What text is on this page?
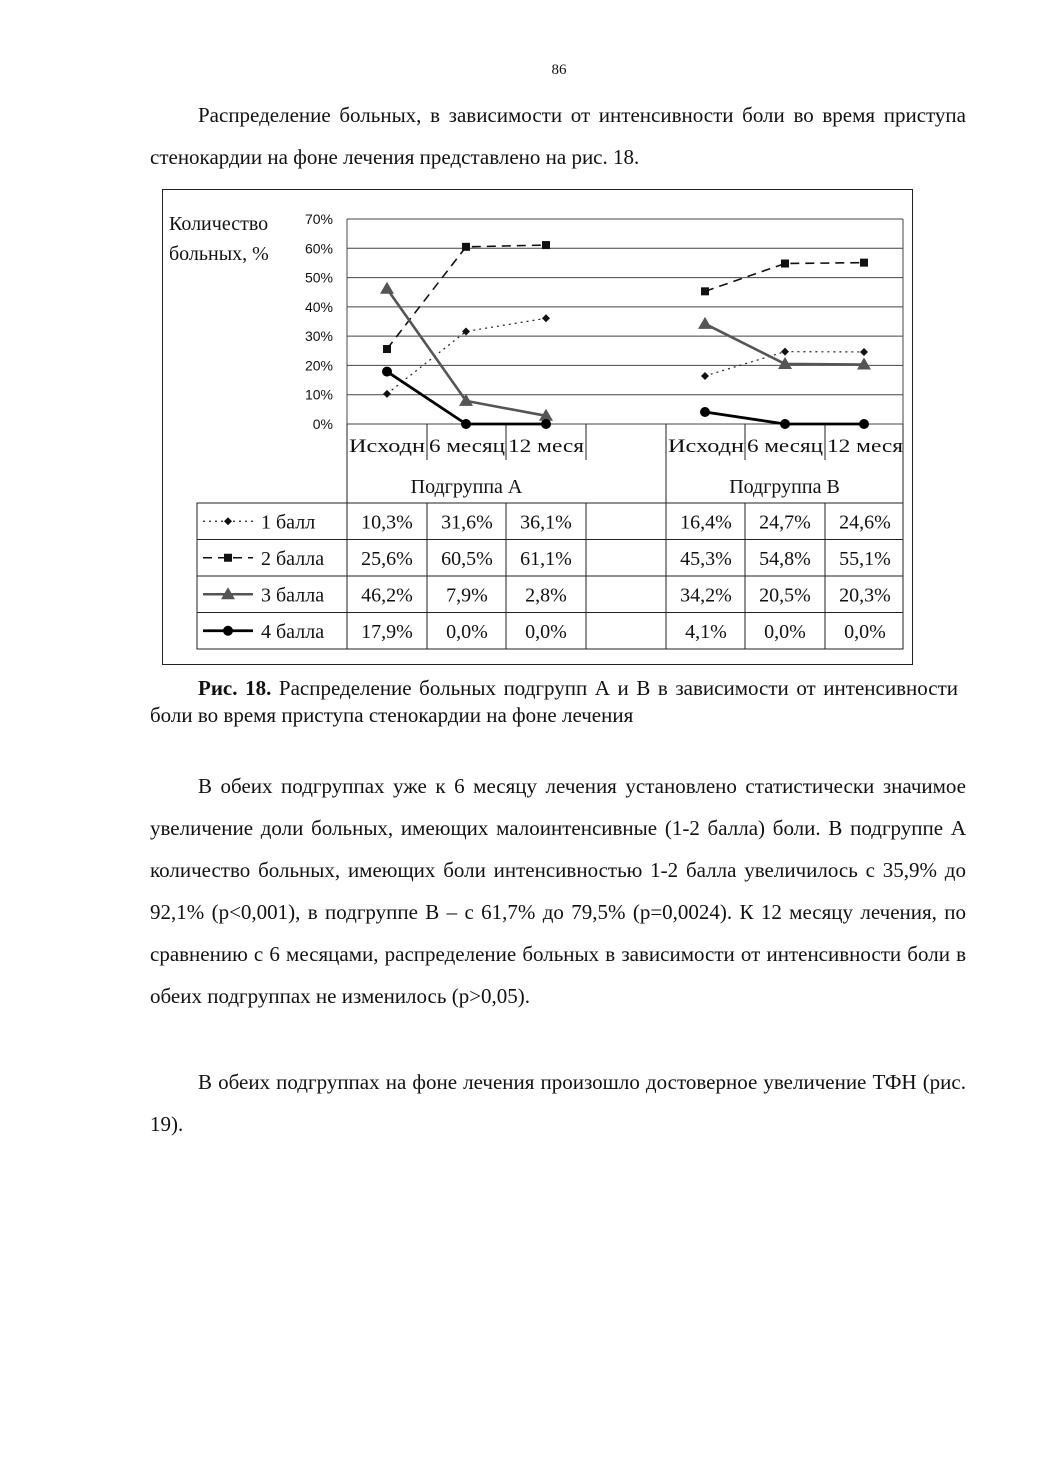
86

Распределение больных, в зависимости от интенсивности боли во время приступа стенокардии на фоне лечения представлено на рис. 18.

0%
10%
20%
30%
40%
50%
60%
70%
Количество
больных, %
Исходн 6 месяц 12 меся
Подгруппа А
Исходн 6 месяц 12 меся
Подгруппа В
1 балл 10,3% 31,6% 36,1%	16,4% 24,7% 24,6%
2 балла 25,6% 60,5% 61,1%	45,3% 54,8% 55,1%
3 балла 46,2% 7,9% 2,8%	34,2% 20,5% 20,3%
4 балла 17,9% 0,0% 0,0%	4,1% 0,0% 0,0%

Рис. 18. Распределение больных подгрупп А и В в зависимости от интенсивности боли во время приступа стенокардии на фоне лечения

В обеих подгруппах уже к 6 месяцу лечения установлено статистически значимое увеличение доли больных, имеющих малоинтенсивные (1-2 балла) боли. В подгруппе А количество больных, имеющих боли интенсивностью 1-2 балла увеличилось с 35,9% до 92,1% (p<0,001), в подгруппе В – с 61,7% до 79,5% (p=0,0024). К 12 месяцу лечения, по сравнению с 6 месяцами, распределение больных в зависимости от интенсивности боли в обеих подгруппах не изменилось (p>0,05).

В обеих подгруппах на фоне лечения произошло достоверное увеличение ТФН (рис. 19).
